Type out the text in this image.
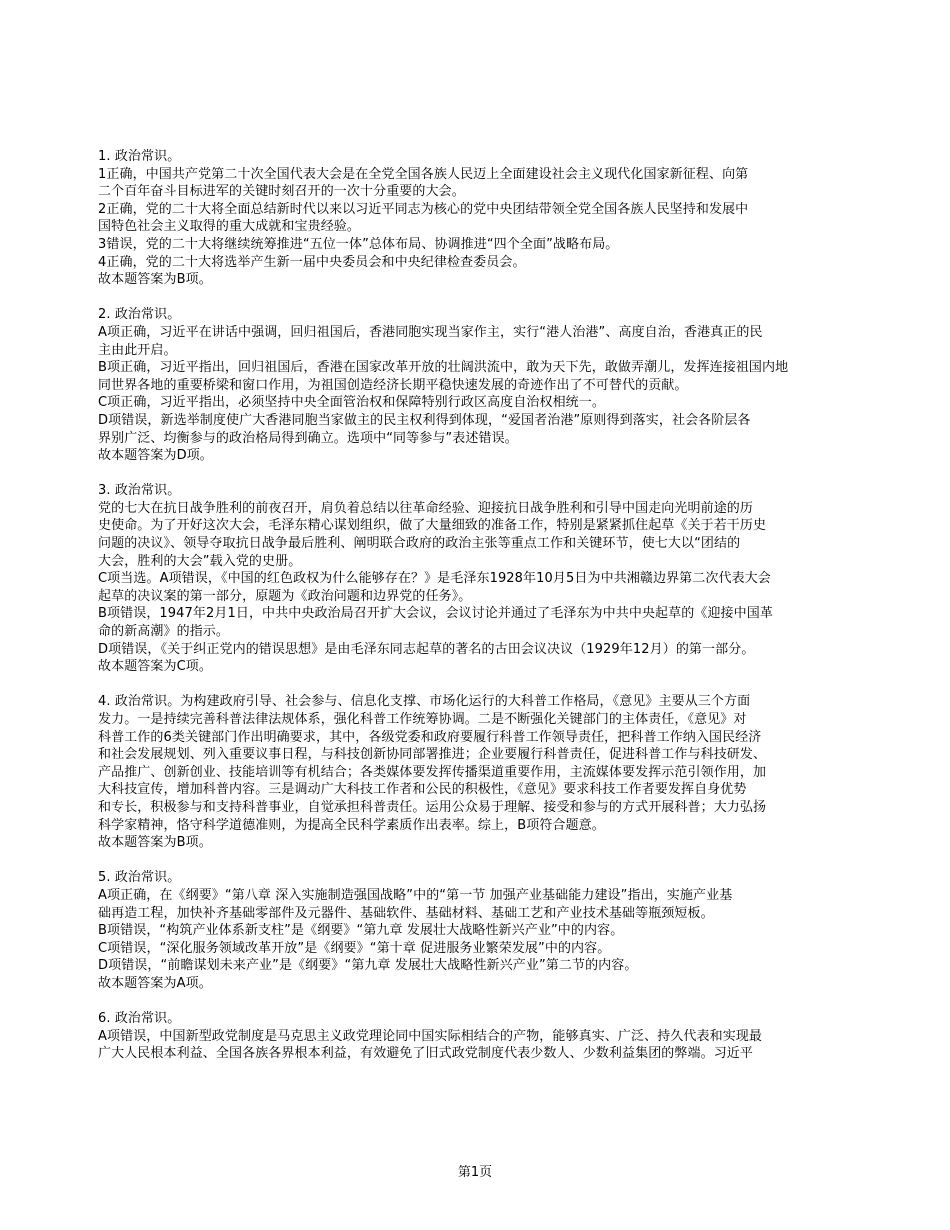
1. 政治常识。
1正确，中国共产党第二十次全国代表大会是在全党全国各族人民迈上全面建设社会主义现代化国家新征程、向第
二个百年奋斗目标进军的关键时刻召开的一次十分重要的大会。
2正确，党的二十大将全面总结新时代以来以习近平同志为核心的党中央团结带领全党全国各族人民坚持和发展中
国特色社会主义取得的重大成就和宝贵经验。
3错误，党的二十大将继续统筹推进“五位一体”总体布局、协调推进“四个全面”战略布局。
4正确，党的二十大将选举产生新一届中央委员会和中央纪律检查委员会。
故本题答案为B项。
2. 政治常识。
A项正确，习近平在讲话中强调，回归祖国后，香港同胞实现当家作主，实行“港人治港”、高度自治，香港真正的民
主由此开启。
B项正确，习近平指出，回归祖国后，香港在国家改革开放的壮阔洪流中，敢为天下先，敢做弄潮儿，发挥连接祖国内地
同世界各地的重要桥梁和窗口作用，为祖国创造经济长期平稳快速发展的奇迹作出了不可替代的贡献。
C项正确，习近平指出，必须坚持中央全面管治权和保障特别行政区高度自治权相统一。
D项错误，新选举制度使广大香港同胞当家做主的民主权利得到体现，“爱国者治港”原则得到落实，社会各阶层各
界别广泛、均衡参与的政治格局得到确立。选项中“同等参与”表述错误。
故本题答案为D项。
3. 政治常识。
党的七大在抗日战争胜利的前夜召开，肩负着总结以往革命经验、迎接抗日战争胜利和引导中国走向光明前途的历
史使命。为了开好这次大会，毛泽东精心谋划组织，做了大量细致的准备工作，特别是紧紧抓住起草《关于若干历史
问题的决议》、领导夺取抗日战争最后胜利、阐明联合政府的政治主张等重点工作和关键环节，使七大以“团结的
大会，胜利的大会”载入党的史册。
C项当选。A项错误，《中国的红色政权为什么能够存在？》是毛泽东1928年10月5日为中共湘赣边界第二次代表大会
起草的决议案的第一部分，原题为《政治问题和边界党的任务》。
B项错误，1947年2月1日，中共中央政治局召开扩大会议，会议讨论并通过了毛泽东为中共中央起草的《迎接中国革
命的新高潮》的指示。
D项错误，《关于纠正党内的错误思想》是由毛泽东同志起草的著名的古田会议决议（1929年12月）的第一部分。
故本题答案为C项。
4. 政治常识。为构建政府引导、社会参与、信息化支撑、市场化运行的大科普工作格局，《意见》主要从三个方面
发力。一是持续完善科普法律法规体系，强化科普工作统筹协调。二是不断强化关键部门的主体责任，《意见》对
科普工作的6类关键部门作出明确要求，其中，各级党委和政府要履行科普工作领导责任，把科普工作纳入国民经济
和社会发展规划、列入重要议事日程，与科技创新协同部署推进；企业要履行科普责任，促进科普工作与科技研发、
产品推广、创新创业、技能培训等有机结合；各类媒体要发挥传播渠道重要作用，主流媒体要发挥示范引领作用，加
大科技宣传，增加科普内容。三是调动广大科技工作者和公民的积极性，《意见》要求科技工作者要发挥自身优势
和专长，积极参与和支持科普事业，自觉承担科普责任。运用公众易于理解、接受和参与的方式开展科普；大力弘扬
科学家精神，恪守科学道德准则，为提高全民科学素质作出表率。综上，B项符合题意。
故本题答案为B项。
5. 政治常识。
A项正确，在《纲要》“第八章 深入实施制造强国战略”中的“第一节 加强产业基础能力建设”指出，实施产业基
础再造工程，加快补齐基础零部件及元器件、基础软件、基础材料、基础工艺和产业技术基础等瓶颈短板。
B项错误，“构筑产业体系新支柱”是《纲要》“第九章 发展壮大战略性新兴产业”中的内容。
C项错误，“深化服务领域改革开放”是《纲要》“第十章 促进服务业繁荣发展”中的内容。
D项错误，“前瞻谋划未来产业”是《纲要》“第九章 发展壮大战略性新兴产业”第二节的内容。
故本题答案为A项。
6. 政治常识。
A项错误，中国新型政党制度是马克思主义政党理论同中国实际相结合的产物，能够真实、广泛、持久代表和实现最
广大人民根本利益、全国各族各界根本利益，有效避免了旧式政党制度代表少数人、少数利益集团的弊端。习近平
第1页
